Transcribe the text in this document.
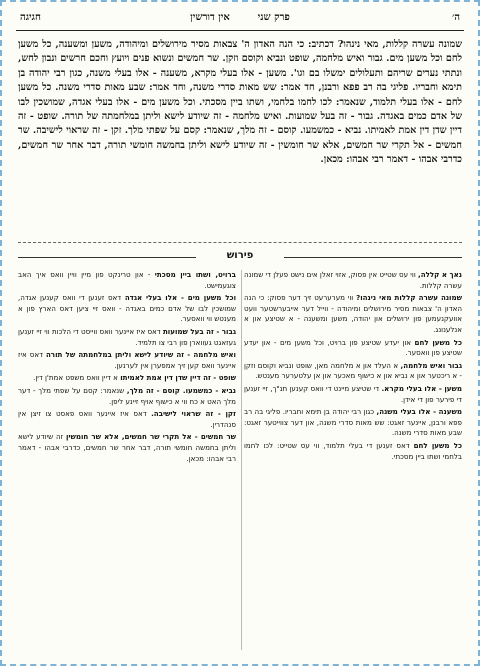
ה׳
פרק שני        אין דורשין
חגיגה
שמונה עשרה קללות, מאי נינהו? דכתיב: כי הנה האדון ה' צבאות מסיר מירושלים ומיהודה, משען ומשענה, כל משען לחם וכל משען מים. גבור ואיש מלחמה, שופט ונביא וקוסם וזקן. שר חמשים ונשוא פנים ויועץ וחכם חרשים ונבון לחש, ונתתי נערים שריהם ותעלולים ימשלו בם וגו'. משען - אלו בעלי מקרא, משענה - אלו בעלי משנה, כגון רבי יהודה בן תימא וחבריו. פליגי בה רב פפא ורבנן, חד אמר: שש מאות סדרי משנה, וחד אמר: שבע מאות סדרי משנה. כל משען לחם - אלו בעלי תלמוד, שנאמר: לכו לחמו בלחמי, ושתו ביין מסכתי. וכל משען מים - אלו בעלי אגדה, שמושכין לבו של אדם כמים באגדה. גבור - זה בעל שמועות. ואיש מלחמה - זה שיודע לישא וליתן במלחמתה של תורה. שופט - זה דיין שדן דין אמת לאמיתו. נביא - כמשמעו. קוסם - זה מלך, שנאמר: קסם על שפתי מלך. זקן - זה שראוי לישיבה. שר חמשים - אל תקרי שר חמשים, אלא שר חומשין - זה שיודע לישא וליתן בחמשה חומשי תורה, דבר אחר שר חמשים, כדרבי אבהו - דאמר רבי אבהו: מכאן.
פירוש

נאך א קללה, ווי עס שטייט אין פסוק, אזוי זאלן אים נישט פעלן די שמונה עשרה קללות.

שמונה עשרה קללות מאי נינהו? ווי מערערעט זיך דער פסוק: כי הנה האדון ה' צבאות מסיר מירושלים ומיהודה - ווייל דער אייבערשטער וועט אוועקנעמען פון ירושלים און יהודה, משען ומשענה - א שטיצע און א אנלענונג.

כל משען לחם און יעדע שטיצע פון ברויט, וכל משען מים - און יעדע שטיצע פון וואסער.

גבור ואיש מלחמה, א העלד און א מלחמה מאן, שופט ונביא וקוסם וזקן - א ריכטער און א נביא און א כישוף מאכער און אן עלטערער מענטש.

משען - אלו בעלי מקרא. די שטיצע מיינט די וואס קענען תנ"ך, זיי זענען די פירער פון די אידן.

משענה - אלו בעלי משנה, כגון רבי יהודה בן תימא וחבריו. פליגי בה רב פפא ורבנן, איינער זאגט: שש מאות סדרי משנה, און דער צווייטער זאגט: שבע מאות סדרי משנה.

כל משען לחם דאס זענען די בעלי תלמוד, ווי עס שטייט: לכו לחמו בלחמי ושתו ביין מסכתי.

ברויט, ושתו ביין מסכתי - און טרינקט פון מיין וויין וואס איך האב צוגעמישט.

וכל משען מים - אלו בעלי אגדה דאס זענען די וואס קענען אגדה, שמושכין לבו של אדם כמים באגדה - וואס זיי ציען דאס הארץ פון א מענטש ווי וואסער.

גבור - זה בעל שמועות דאס איז איינער וואס ווייסט די הלכות ווי זיי זענען געזאגט געווארן פון רבי צו תלמיד.

ואיש מלחמה - זה שיודע לישא וליתן במלחמתה של תורה דאס איז איינער וואס קען זיך אמפערן אין לערנען.

שופט - זה דיין שדן דין אמת לאמיתו א דיין וואס משפט אמת'ן דין.

נביא - כמשמעו. קוסם - זה מלך, שנאמר: קסם על שפתי מלך - דער מלך האט א כח ווי א כישוף אויף זיינע ליפן.

זקן - זה שראוי לישיבה. דאס איז איינער וואס פאסט צו זיצן אין סנהדרין.

שר חמשים - אל תקרי שר חמשים, אלא שר חומשין זה שיודע לישא וליתן בחמשה חומשי תורה, דבר אחר שר חמשים, כדרבי אבהו - דאמר רבי אבהו: מכאן.
